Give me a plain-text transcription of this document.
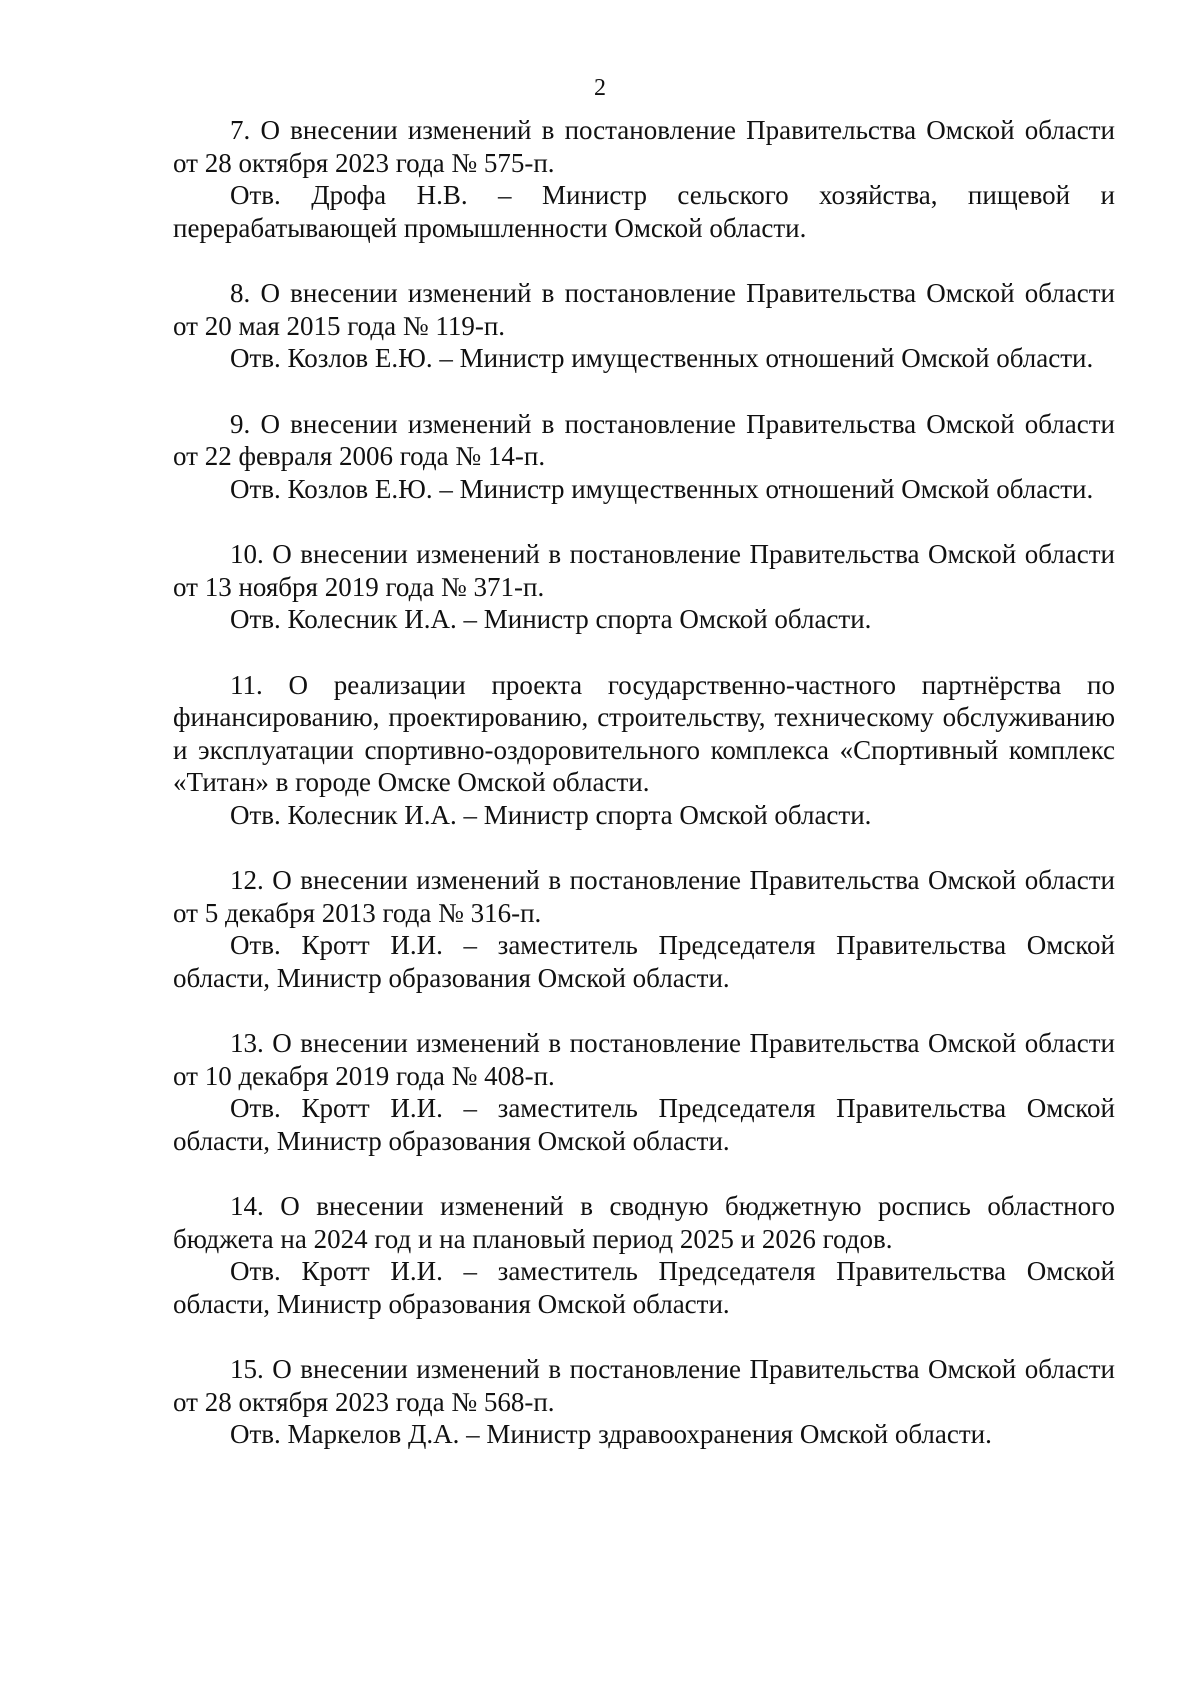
2

7. О внесении изменений в постановление Правительства Омской области от 28 октября 2023 года № 575-п.

Отв. Дрофа Н.В. – Министр сельского хозяйства, пищевой и перерабатывающей промышленности Омской области.

8. О внесении изменений в постановление Правительства Омской области от 20 мая 2015 года № 119-п.

Отв. Козлов Е.Ю. – Министр имущественных отношений Омской области.

9. О внесении изменений в постановление Правительства Омской области от 22 февраля 2006 года № 14-п.

Отв. Козлов Е.Ю. – Министр имущественных отношений Омской области.

10. О внесении изменений в постановление Правительства Омской области от 13 ноября 2019 года № 371-п.

Отв. Колесник И.А. – Министр спорта Омской области.

11. О реализации проекта государственно-частного партнёрства по финансированию, проектированию, строительству, техническому обслуживанию и эксплуатации спортивно-оздоровительного комплекса «Спортивный комплекс «Титан» в городе Омске Омской области.

Отв. Колесник И.А. – Министр спорта Омской области.

12. О внесении изменений в постановление Правительства Омской области от 5 декабря 2013 года № 316-п.

Отв. Кротт И.И. – заместитель Председателя Правительства Омской области, Министр образования Омской области.

13. О внесении изменений в постановление Правительства Омской области от 10 декабря 2019 года № 408-п.

Отв. Кротт И.И. – заместитель Председателя Правительства Омской области, Министр образования Омской области.

14. О внесении изменений в сводную бюджетную роспись областного бюджета на 2024 год и на плановый период 2025 и 2026 годов.

Отв. Кротт И.И. – заместитель Председателя Правительства Омской области, Министр образования Омской области.

15. О внесении изменений в постановление Правительства Омской области от 28 октября 2023 года № 568-п.

Отв. Маркелов Д.А. – Министр здравоохранения Омской области.
